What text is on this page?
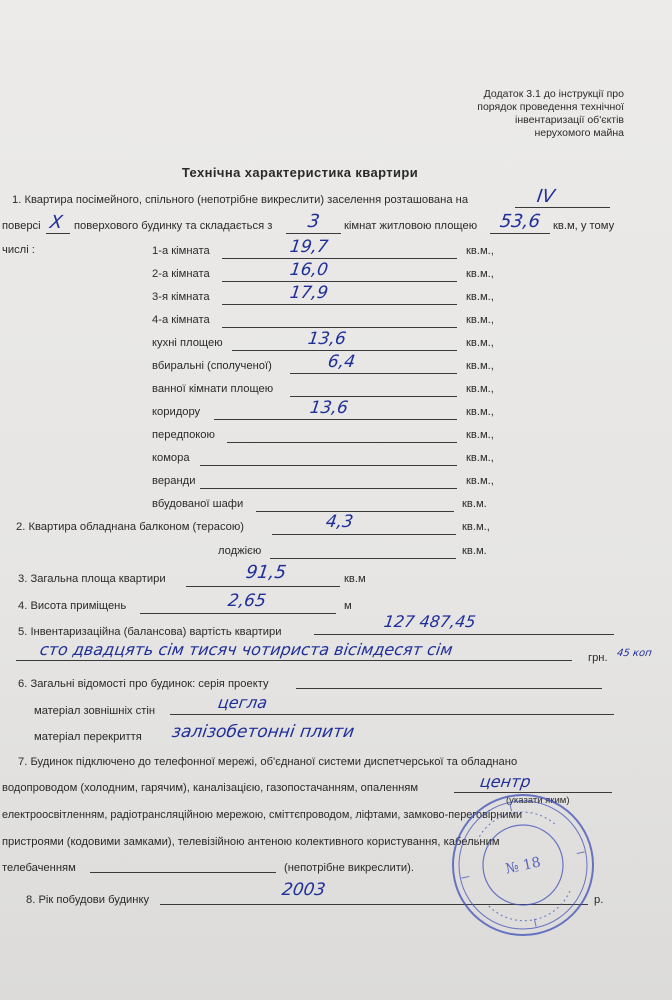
Додаток 3.1 до інструкції про
порядок проведення технічної
інвентаризації об'єктів
нерухомого майна
Технічна характеристика квартири
1. Квартира посімейного, спільного (непотрібне викреслити) заселення розташована на	IV
поверсі Х поверхового будинку та складається з 3 кімнат житловою площею 53,6 кв.м, у тому
числі :	1-а кімната	19,7	кв.м.,
2-а кімната	16,0	кв.м.,
3-я кімната	17,9	кв.м.,
4-а кімната	кв.м.,
кухні площею	13,6	кв.м.,
вбиральні (сполученої)	6,4	кв.м.,
ванної кімнати площею	кв.м.,
коридору	13,6	кв.м.,
передпокою	кв.м.,
комора	кв.м.,
веранди	кв.м.,
вбудованої шафи	кв.м.
2. Квартира обладнана балконом (терасою)	4,3	кв.м.,
лоджією	кв.м.
3. Загальна площа квартири	91,5	кв.м
4. Висота приміщень	2,65	м
5. Інвентаризаційна (балансова) вартість квартири
127 487,45
сто двадцять сім тисяч чотириста вісімдесят сім	грн. 45 коп
6. Загальні відомості про будинок: серія проекту
матеріал зовнішніх стін	цегла
матеріал перекриття залізобетонні плити
7. Будинок підключено до телефонної мережі, об'єднаної системи диспетчерської та обладнано
водопроводом (холодним, гарячим), каналізацією, газопостачанням, опаленням	центр
(указати яким)
електроосвітленням, радіотрансляційною мережою, сміттєпроводом, ліфтами, замково-переговірними
пристроями (кодовими замками), телевізійною антеною колективного користування, кабельним
телебаченням	(непотрібне викреслити).
8. Рік побудови будинку	2003	р.
№ 18
